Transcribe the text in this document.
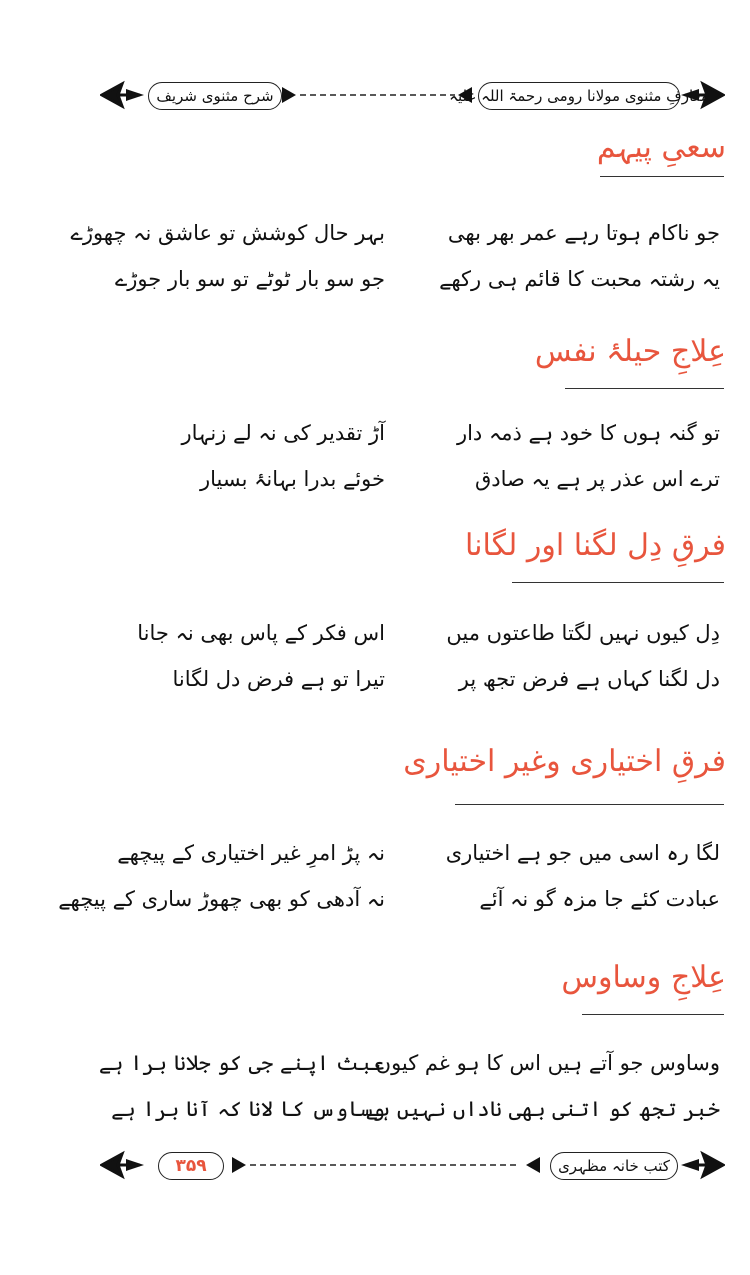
شرح مثنوی شریف	معارفِ مثنوی مولانا رومی رحمۃ اللہ علیہ
سعیِ پیہم
جو ناکام ہوتا رہے عمر بھر بھی
بہر حال کوشش تو عاشق نہ چھوڑے
یہ رشتہ محبت کا قائم ہی رکھے
جو سو بار ٹوٹے تو سو بار جوڑے
عِلاجِ حیلۂ نفس
تو گنہ ہوں کا خود ہے ذمہ دار
آڑ تقدیر کی نہ لے زنہار
ترے اس عذر پر ہے یہ صادق
خوئے بدرا بہانۂ بسیار
فرقِ دِل لگنا اور لگانا
دِل کیوں نہیں لگتا طاعتوں میں
اس فکر کے پاس بھی نہ جانا
دل لگنا کہاں ہے فرض تجھ پر
تیرا تو ہے فرض دل لگانا
فرقِ اختیاری وغیر اختیاری
لگا رہ اسی میں جو ہے اختیاری
نہ پڑ امرِ غیر اختیاری کے پیچھے
عبادت کئے جا مزہ گو نہ آئے
نہ آدھی کو بھی چھوڑ ساری کے پیچھے
عِلاجِ وساوس
وساوس جو آتے ہیں اس کا ہو غم کیوں
عبث اپنے جی کو جلانا برا ہے
خبر تجھ کو اتنی بھی ناداں نہیں ہے
وساوس کا لانا کہ آنا برا ہے
۳۵۹	کتب خانہ مظہری
